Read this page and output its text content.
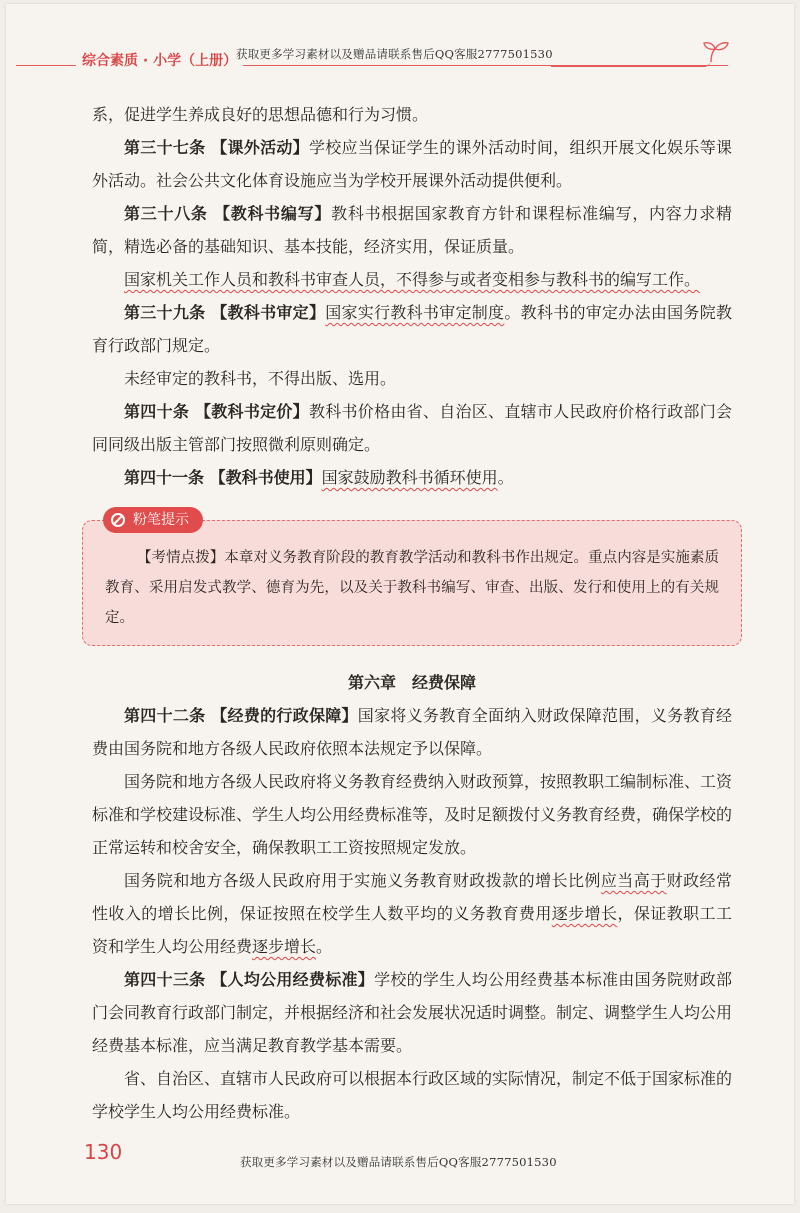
综合素质 · 小学（上册）
获取更多学习素材以及赠品请联系售后QQ客服2777501530

系，促进学生养成良好的思想品德和行为习惯。

第三十七条 【课外活动】学校应当保证学生的课外活动时间，组织开展文化娱乐等课外活动。社会公共文化体育设施应当为学校开展课外活动提供便利。

第三十八条 【教科书编写】教科书根据国家教育方针和课程标准编写，内容力求精简，精选必备的基础知识、基本技能，经济实用，保证质量。

国家机关工作人员和教科书审查人员，不得参与或者变相参与教科书的编写工作。

第三十九条 【教科书审定】国家实行教科书审定制度。教科书的审定办法由国务院教育行政部门规定。

未经审定的教科书，不得出版、选用。

第四十条 【教科书定价】教科书价格由省、自治区、直辖市人民政府价格行政部门会同同级出版主管部门按照微利原则确定。

第四十一条 【教科书使用】国家鼓励教科书循环使用。

粉笔提示

【考情点拨】本章对义务教育阶段的教育教学活动和教科书作出规定。重点内容是实施素质教育、采用启发式教学、德育为先，以及关于教科书编写、审查、出版、发行和使用上的有关规定。

第六章　经费保障

第四十二条 【经费的行政保障】国家将义务教育全面纳入财政保障范围，义务教育经费由国务院和地方各级人民政府依照本法规定予以保障。

国务院和地方各级人民政府将义务教育经费纳入财政预算，按照教职工编制标准、工资标准和学校建设标准、学生人均公用经费标准等，及时足额拨付义务教育经费，确保学校的正常运转和校舍安全，确保教职工工资按照规定发放。

国务院和地方各级人民政府用于实施义务教育财政拨款的增长比例应当高于财政经常性收入的增长比例，保证按照在校学生人数平均的义务教育费用逐步增长，保证教职工工资和学生人均公用经费逐步增长。

第四十三条 【人均公用经费标准】学校的学生人均公用经费基本标准由国务院财政部门会同教育行政部门制定，并根据经济和社会发展状况适时调整。制定、调整学生人均公用经费基本标准，应当满足教育教学基本需要。

省、自治区、直辖市人民政府可以根据本行政区域的实际情况，制定不低于国家标准的学校学生人均公用经费标准。

130	获取更多学习素材以及赠品请联系售后QQ客服2777501530
